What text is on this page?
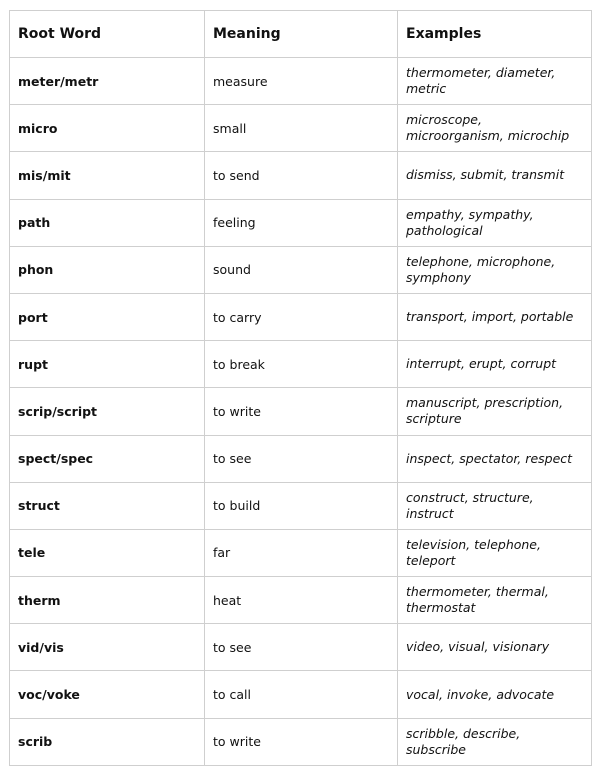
Root Word	Meaning	Examples
meter/metr	measure	thermometer, diameter, metric
micro	small	microscope, microorganism, microchip
mis/mit	to send	dismiss, submit, transmit
path	feeling	empathy, sympathy, pathological
phon	sound	telephone, microphone, symphony
port	to carry	transport, import, portable
rupt	to break	interrupt, erupt, corrupt
scrip/script	to write	manuscript, prescription, scripture
spect/spec	to see	inspect, spectator, respect
struct	to build	construct, structure, instruct
tele	far	television, telephone, teleport
therm	heat	thermometer, thermal, thermostat
vid/vis	to see	video, visual, visionary
voc/voke	to call	vocal, invoke, advocate
scrib	to write	scribble, describe, subscribe
